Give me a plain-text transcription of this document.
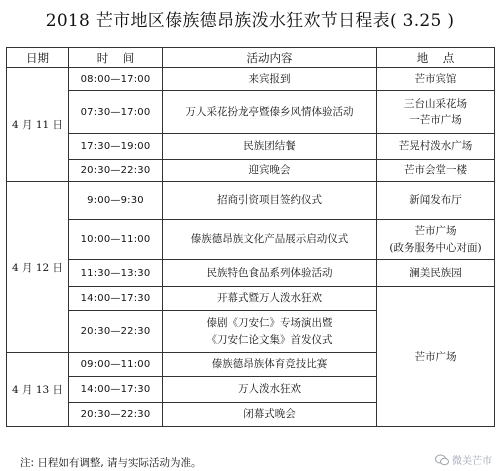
2018 芒市地区傣族德昂族泼水狂欢节日程表( 3.25 )
日期	时    间	活动内容	地    点
4 月 11 日	08:00—17:00	来宾报到	芒市宾馆
	07:30—17:00	万人采花扮龙亭暨傣乡风情体验活动	三台山采花场
一芒市广场

	17:30—19:00	民族团结餐	芒晃村泼水广场
	20:30—22:30	迎宾晚会	芒市会堂一楼
4 月 12 日	9:00—9:30	招商引资项目签约仪式	新闻发布厅
	10:00—11:00	傣族德昂族文化产品展示启动仪式	芒市广场
(政务服务中心对面)

	11:30—13:30	民族特色食品系列体验活动	澜美民族园
	14:00—17:30	开幕式暨万人泼水狂欢	芒市广场
	20:30—22:30	傣剧《刀安仁》专场演出暨
《刀安仁论文集》首发仪式	

4 月 13 日	09:00—11:00	傣族德昂族体育竞技比赛	
	14:00—17:30	万人泼水狂欢	
	20:30—22:30	闭幕式晚会	
注: 日程如有调整, 请与实际活动为准。	微美芒市
